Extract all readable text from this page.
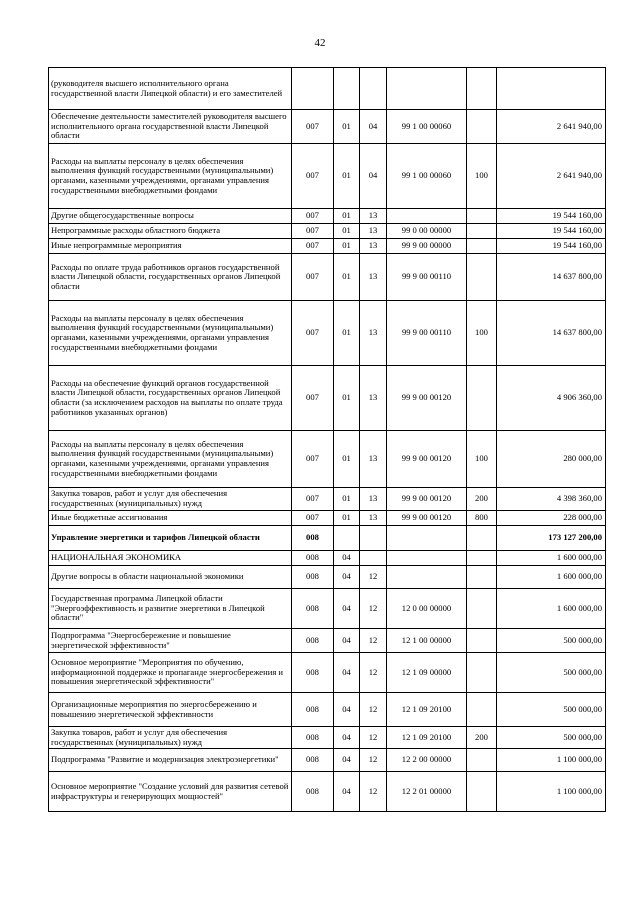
42
(руководителя высшего исполнительного органа государственной власти Липецкой области) и его заместителей						
Обеспечение деятельности заместителей руководителя высшего исполнительного органа государственной власти Липецкой области	007	01	04	99 1 00 00060		2 641 940,00
Расходы на выплаты персоналу в целях обеспечения выполнения функций государственными (муниципальными) органами, казенными учреждениями, органами управления государственными внебюджетными фондами	007	01	04	99 1 00 00060	100	2 641 940,00
Другие общегосударственные вопросы	007	01	13			19 544 160,00
Непрограммные расходы областного бюджета	007	01	13	99 0 00 00000		19 544 160,00
Иные непрограммные мероприятия	007	01	13	99 9 00 00000		19 544 160,00
Расходы по оплате труда работников органов государственной власти Липецкой области, государственных органов Липецкой области	007	01	13	99 9 00 00110		14 637 800,00
Расходы на выплаты персоналу в целях обеспечения выполнения функций государственными (муниципальными) органами, казенными учреждениями, органами управления государственными внебюджетными фондами	007	01	13	99 9 00 00110	100	14 637 800,00
Расходы на обеспечение функций органов государственной власти Липецкой области, государственных органов Липецкой области (за исключением расходов на выплаты по оплате труда работников указанных органов)	007	01	13	99 9 00 00120		4 906 360,00
Расходы на выплаты персоналу в целях обеспечения выполнения функций государственными (муниципальными) органами, казенными учреждениями, органами управления государственными внебюджетными фондами	007	01	13	99 9 00 00120	100	280 000,00
Закупка товаров, работ и услуг для обеспечения государственных (муниципальных) нужд	007	01	13	99 9 00 00120	200	4 398 360,00
Иные бюджетные ассигнования	007	01	13	99 9 00 00120	800	228 000,00
Управление энергетики и тарифов Липецкой области	008					173 127 200,00
НАЦИОНАЛЬНАЯ ЭКОНОМИКА	008	04				1 600 000,00
Другие вопросы в области национальной экономики	008	04	12			1 600 000,00
Государственная программа Липецкой области "Энергоэффективность и развитие энергетики в Липецкой области"	008	04	12	12 0 00 00000		1 600 000,00
Подпрограмма "Энергосбережение и повышение энергетической эффективности"	008	04	12	12 1 00 00000		500 000,00
Основное мероприятие "Мероприятия по обучению, информационной поддержке и пропаганде энергосбережения и повышения энергетической эффективности"	008	04	12	12 1 09 00000		500 000,00
Организационные мероприятия по энергосбережению и повышению энергетической эффективности	008	04	12	12 1 09 20100		500 000,00
Закупка товаров, работ и услуг для обеспечения государственных (муниципальных) нужд	008	04	12	12 1 09 20100	200	500 000,00
Подпрограмма "Развитие и модернизация электроэнергетики"	008	04	12	12 2 00 00000		1 100 000,00
Основное мероприятие "Создание условий для развития сетевой инфраструктуры и генерирующих мощностей"	008	04	12	12 2 01 00000		1 100 000,00
